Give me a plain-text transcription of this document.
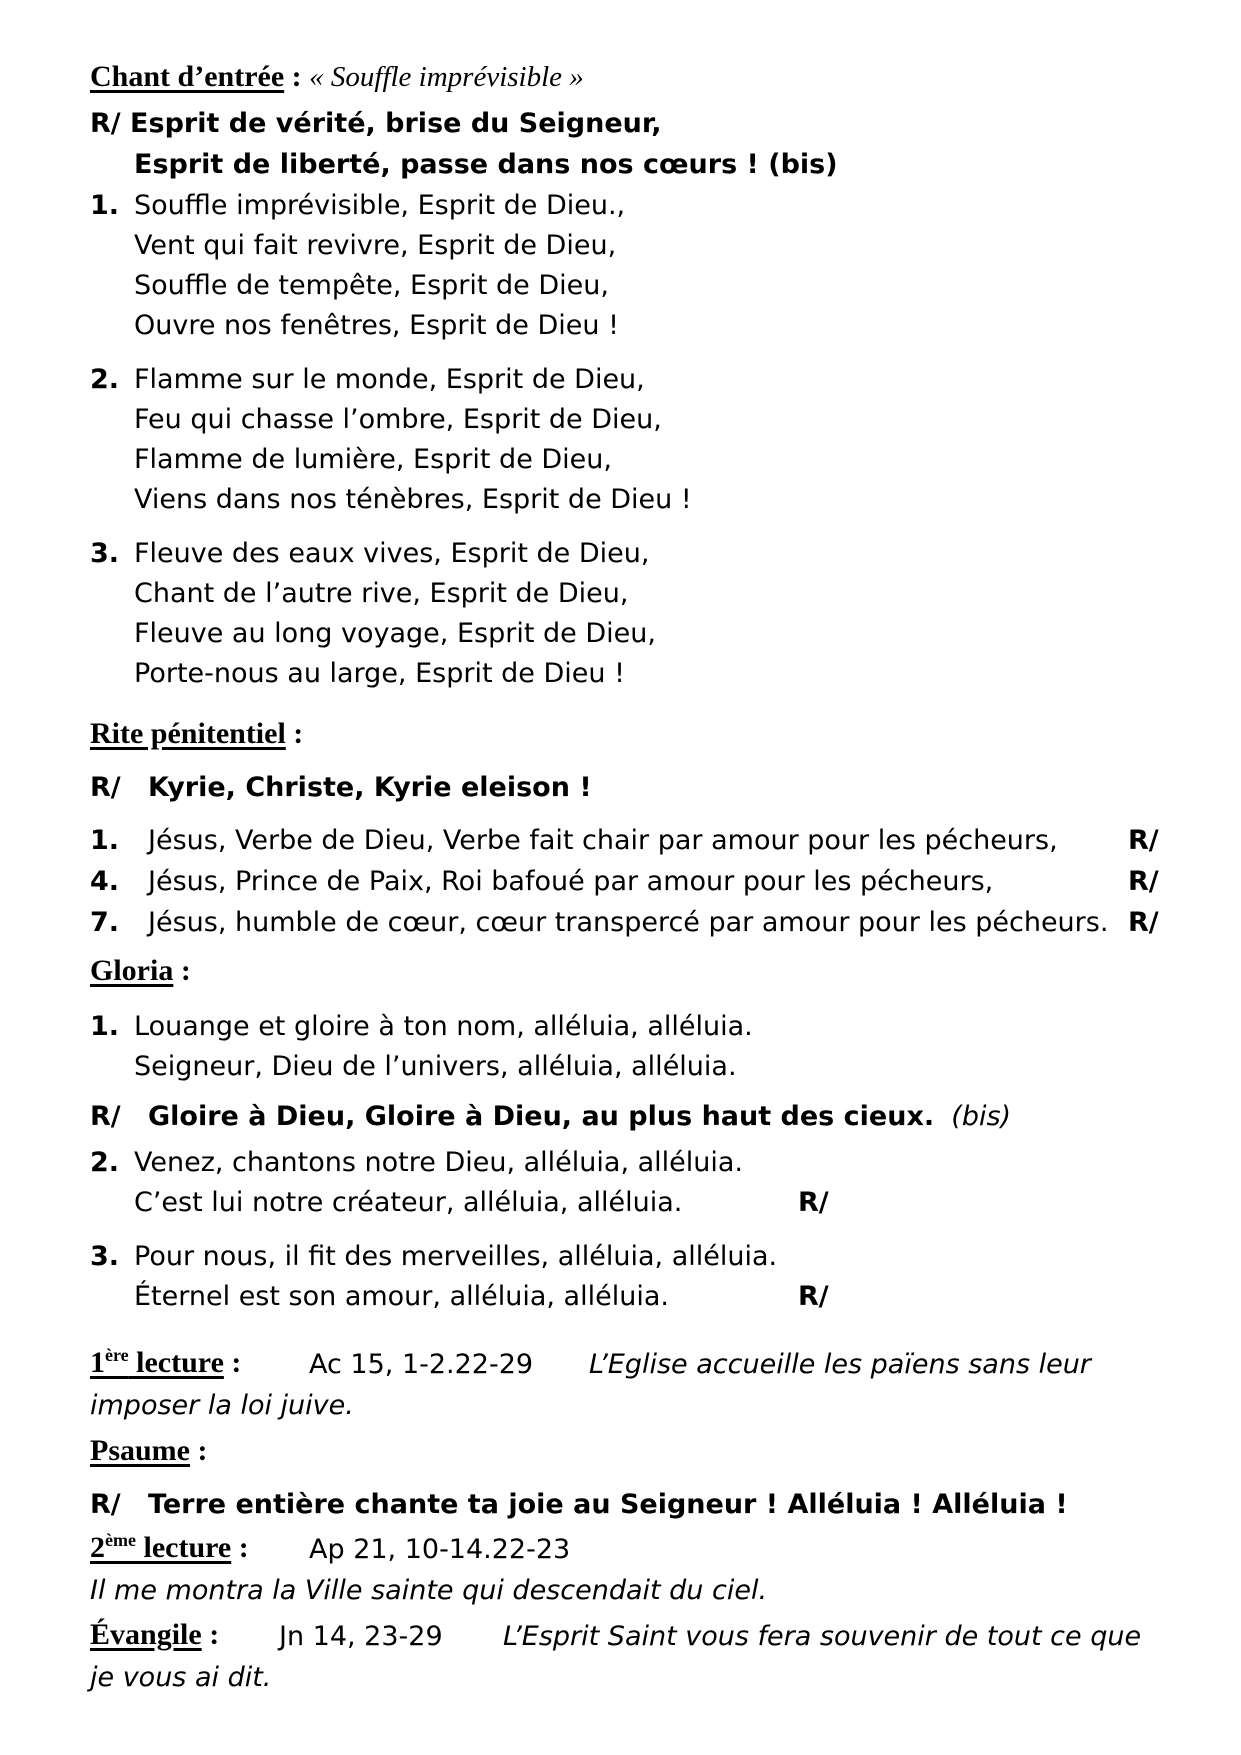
Chant d’entrée : « Souffle imprévisible »
R/ Esprit de vérité, brise du Seigneur,
Esprit de liberté, passe dans nos cœurs ! (bis)
1. Souffle imprévisible, Esprit de Dieu.,
Vent qui fait revivre, Esprit de Dieu,
Souffle de tempête, Esprit de Dieu,
Ouvre nos fenêtres, Esprit de Dieu !
2. Flamme sur le monde, Esprit de Dieu,
Feu qui chasse l’ombre, Esprit de Dieu,
Flamme de lumière, Esprit de Dieu,
Viens dans nos ténèbres, Esprit de Dieu !
3. Fleuve des eaux vives, Esprit de Dieu,
Chant de l’autre rive, Esprit de Dieu,
Fleuve au long voyage, Esprit de Dieu,
Porte-nous au large, Esprit de Dieu !
Rite pénitentiel :
R/ Kyrie, Christe, Kyrie eleison !
1. Jésus, Verbe de Dieu, Verbe fait chair par amour pour les pécheurs,	R/
4. Jésus, Prince de Paix, Roi bafoué par amour pour les pécheurs,	R/
7. Jésus, humble de cœur, cœur transpercé par amour pour les pécheurs. R/
Gloria :
1. Louange et gloire à ton nom, alléluia, alléluia.
Seigneur, Dieu de l’univers, alléluia, alléluia.
R/ Gloire à Dieu, Gloire à Dieu, au plus haut des cieux. (bis)
2. Venez, chantons notre Dieu, alléluia, alléluia.
C’est lui notre créateur, alléluia, alléluia.	R/
3. Pour nous, il fit des merveilles, alléluia, alléluia.
Éternel est son amour, alléluia, alléluia.	R/
1ère lecture :	Ac 15, 1-2.22-29 L’Eglise accueille les païens sans leur
imposer la loi juive.
Psaume :
R/ Terre entière chante ta joie au Seigneur ! Alléluia ! Alléluia !
2ème lecture : Ap 21, 10-14.22-23
Il me montra la Ville sainte qui descendait du ciel.
Évangile : Jn 14, 23-29 L’Esprit Saint vous fera souvenir de tout ce que
je vous ai dit.
